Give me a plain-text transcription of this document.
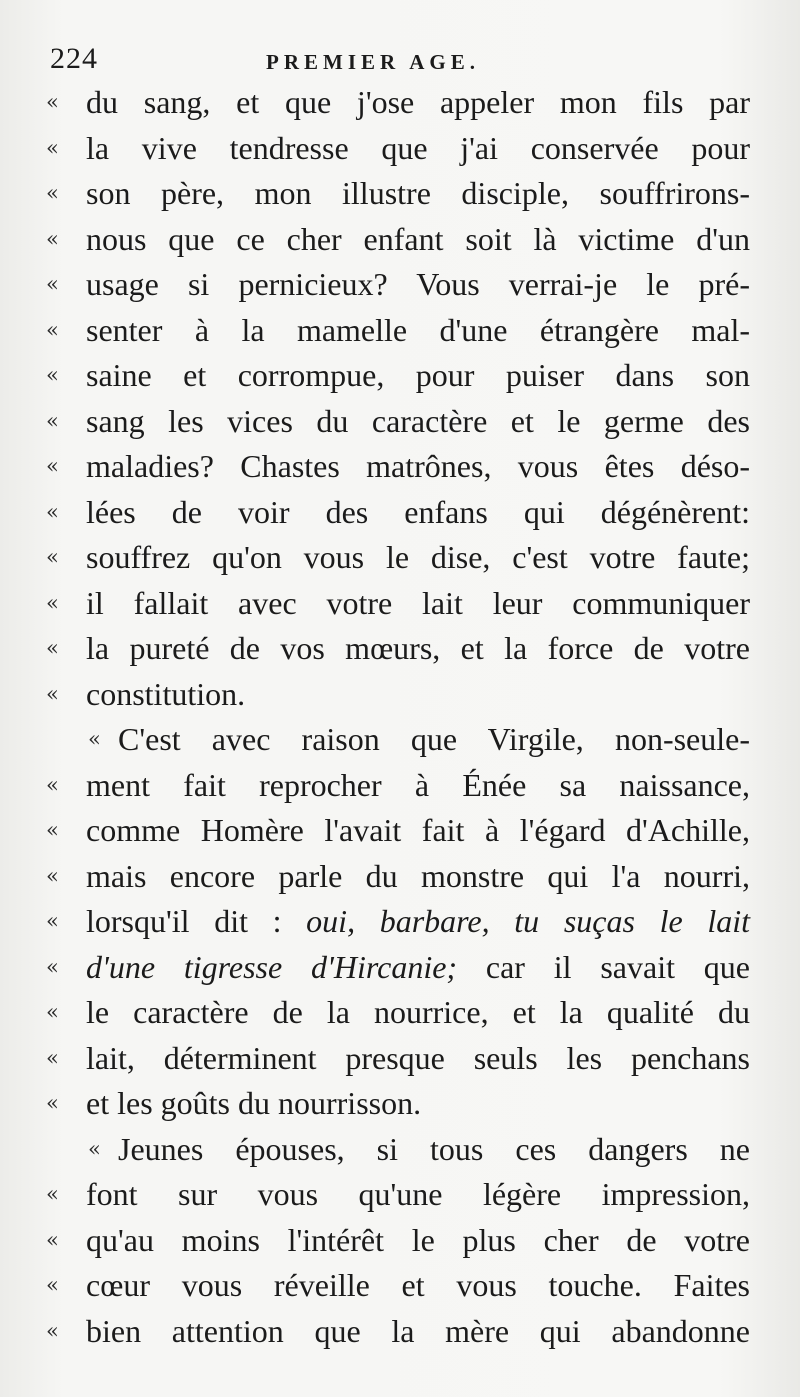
224	PREMIER AGE.
« du sang, et que j'ose appeler mon fils par
« la vive tendresse que j'ai conservée pour
« son père, mon illustre disciple, souffrirons-
« nous que ce cher enfant soit là victime d'un
« usage si pernicieux? Vous verrai-je le pré-
« senter à la mamelle d'une étrangère mal-
« saine et corrompue, pour puiser dans son
« sang les vices du caractère et le germe des
« maladies? Chastes matrônes, vous êtes déso-
« lées de voir des enfans qui dégénèrent:
« souffrez qu'on vous le dise, c'est votre faute;
« il fallait avec votre lait leur communiquer
« la pureté de vos mœurs, et la force de votre
« constitution.
« C'est avec raison que Virgile, non-seule-
« ment fait reprocher à Énée sa naissance,
« comme Homère l'avait fait à l'égard d'Achille,
« mais encore parle du monstre qui l'a nourri,
« lorsqu'il dit : oui, barbare, tu suças le lait
« d'une tigresse d'Hircanie; car il savait que
« le caractère de la nourrice, et la qualité du
« lait, déterminent presque seuls les penchans
« et les goûts du nourrisson.
« Jeunes épouses, si tous ces dangers ne
« font sur vous qu'une légère impression,
« qu'au moins l'intérêt le plus cher de votre
« cœur vous réveille et vous touche. Faites
« bien attention que la mère qui abandonne
